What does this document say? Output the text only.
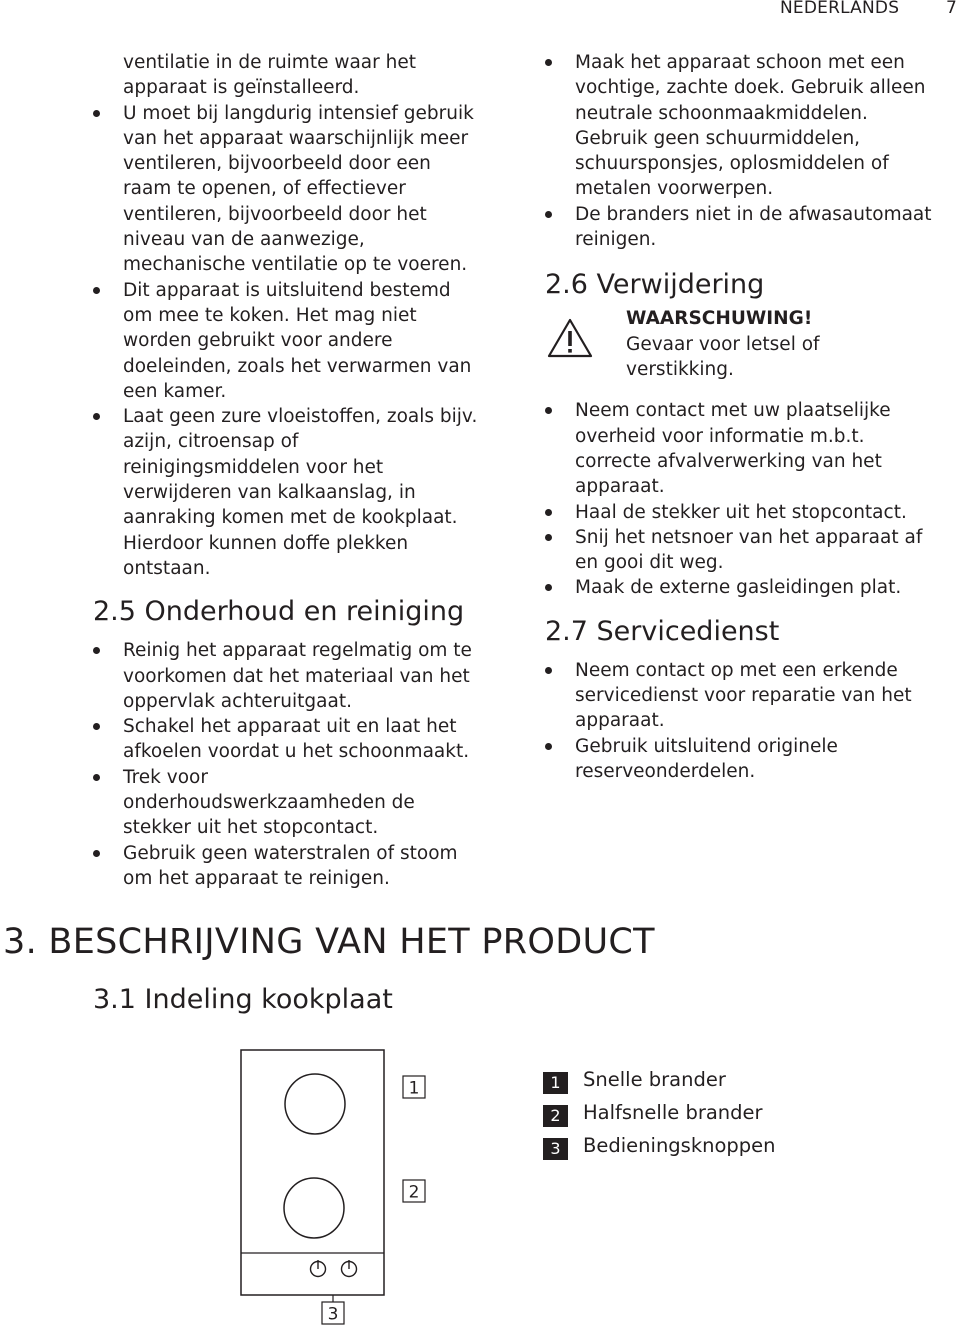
NEDERLANDS	7
ventilatie in de ruimte waar het
apparaat is geïnstalleerd.
U moet bij langdurig intensief gebruik
van het apparaat waarschijnlijk meer
ventileren, bijvoorbeeld door een
raam te openen, of effectiever
ventileren, bijvoorbeeld door het
niveau van de aanwezige,
mechanische ventilatie op te voeren.
Dit apparaat is uitsluitend bestemd
om mee te koken. Het mag niet
worden gebruikt voor andere
doeleinden, zoals het verwarmen van
een kamer.
Laat geen zure vloeistoffen, zoals bijv.
azijn, citroensap of
reinigingsmiddelen voor het
verwijderen van kalkaanslag, in
aanraking komen met de kookplaat.
Hierdoor kunnen doffe plekken
ontstaan.
2.5 Onderhoud en reiniging
Reinig het apparaat regelmatig om te
voorkomen dat het materiaal van het
oppervlak achteruitgaat.
Schakel het apparaat uit en laat het
afkoelen voordat u het schoonmaakt.
Trek voor
onderhoudswerkzaamheden de
stekker uit het stopcontact.
Gebruik geen waterstralen of stoom
om het apparaat te reinigen.
Maak het apparaat schoon met een
vochtige, zachte doek. Gebruik alleen
neutrale schoonmaakmiddelen.
Gebruik geen schuurmiddelen,
schuursponsjes, oplosmiddelen of
metalen voorwerpen.
De branders niet in de afwasautomaat
reinigen.
2.6 Verwijdering
WAARSCHUWING!
Gevaar voor letsel of
verstikking.
Neem contact met uw plaatselijke
overheid voor informatie m.b.t.
correcte afvalverwerking van het
apparaat.
Haal de stekker uit het stopcontact.
Snij het netsnoer van het apparaat af
en gooi dit weg.
Maak de externe gasleidingen plat.
2.7 Servicedienst
Neem contact op met een erkende
servicedienst voor reparatie van het
apparaat.
Gebruik uitsluitend originele
reserveonderdelen.
3. BESCHRIJVING VAN HET PRODUCT
3.1 Indeling kookplaat
1
2
3
1	Snelle brander
2	Halfsnelle brander
3	Bedieningsknoppen
